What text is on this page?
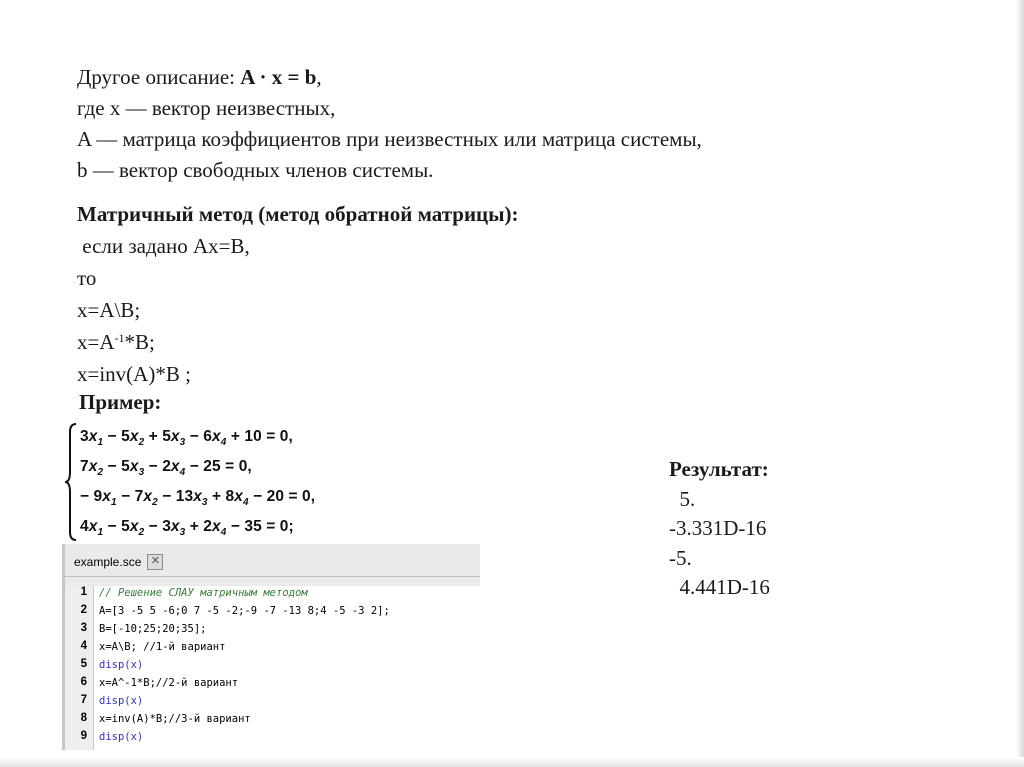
Другое описание: A · x = b,

где x — вектор неизвестных,

A — матрица коэффициентов при неизвестных или матрица системы,

b — вектор свободных членов системы.

Матричный метод (метод обратной матрицы):

если задано Ax=B,

то

x=A\B;

$x=A^{-1}*B$;

x=inv(A)*B ;

Пример:
$3x_1 - 5x_2 + 5x_3 - 6x_4 + 10 = 0$,
$7x_2 - 5x_3 - 2x_4 - 25 = 0$,
− $9x_1 - 7x_2 - 13x_3 + 8x_4 - 20 = 0$,
$4x_1 - 5x_2 - 3x_3 + 2x_4 - 35 = 0$;
Результат:
5.
-3.331D-16
-5.
4.441D-16
example.sce ✕
1
2
3
4
5
6
7
8
9
// Решение СЛАУ матричным методом
A=[3 -5 5 -6;0 7 -5 -2;-9 -7 -13 8;4 -5 -3 2];
B=[-10;25;20;35];
x=A\B; //1-й вариант
disp(x)
x=A^-1*B;//2-й вариант
disp(x)
x=inv(A)*B;//3-й вариант
disp(x)
